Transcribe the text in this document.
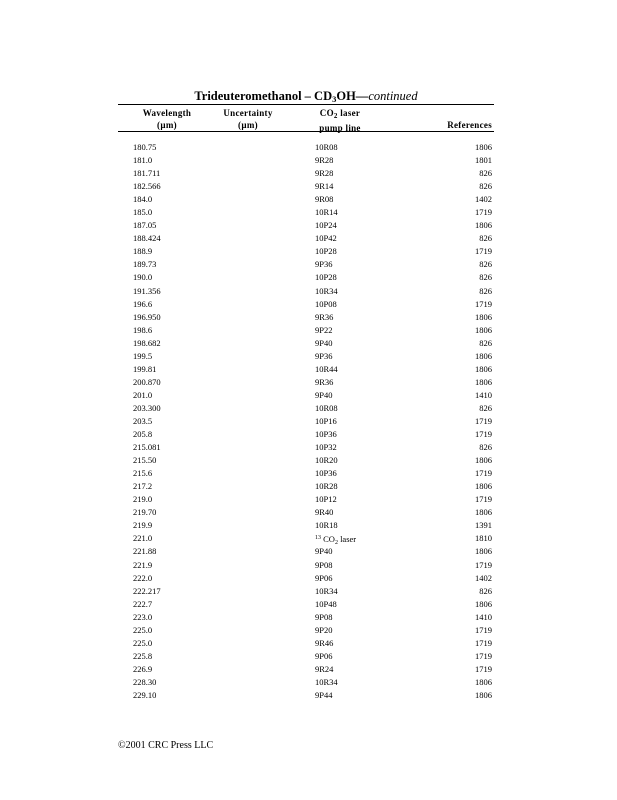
Trideuteromethanol – $CD_3OH—continued$
Wavelength
(µm)
Uncertainty
(µm)
$CO_2$ laser
pump line	References
180.75	10R08	1806
181.0	9R28	1801
181.711	9R28	826
182.566	9R14	826
184.0	9R08	1402
185.0	10R14	1719
187.05	10P24	1806
188.424	10P42	826
188.9	10P28	1719
189.73	9P36	826
190.0	10P28	826
191.356	10R34	826
196.6	10P08	1719
196.950	9R36	1806
198.6	9P22	1806
198.682	9P40	826
199.5	9P36	1806
199.81	10R44	1806
200.870	9R36	1806
201.0	9P40	1410
203.300	10R08	826
203.5	10P16	1719
205.8	10P36	1719
215.081	10P32	826
215.50	10R20	1806
215.6	10P36	1719
217.2	10R28	1806
219.0	10P12	1719
219.70	9R40	1806
219.9	10R18	1391
221.0	$^{13}$ $CO_2$ laser	1810
221.88	9P40	1806
221.9	9P08	1719
222.0	9P06	1402
222.217	10R34	826
222.7	10P48	1806
223.0	9P08	1410
225.0	9P20	1719
225.0	9R46	1719
225.8	9P06	1719
226.9	9R24	1719
228.30	10R34	1806
229.10	9P44	1806
©2001 CRC Press LLC
